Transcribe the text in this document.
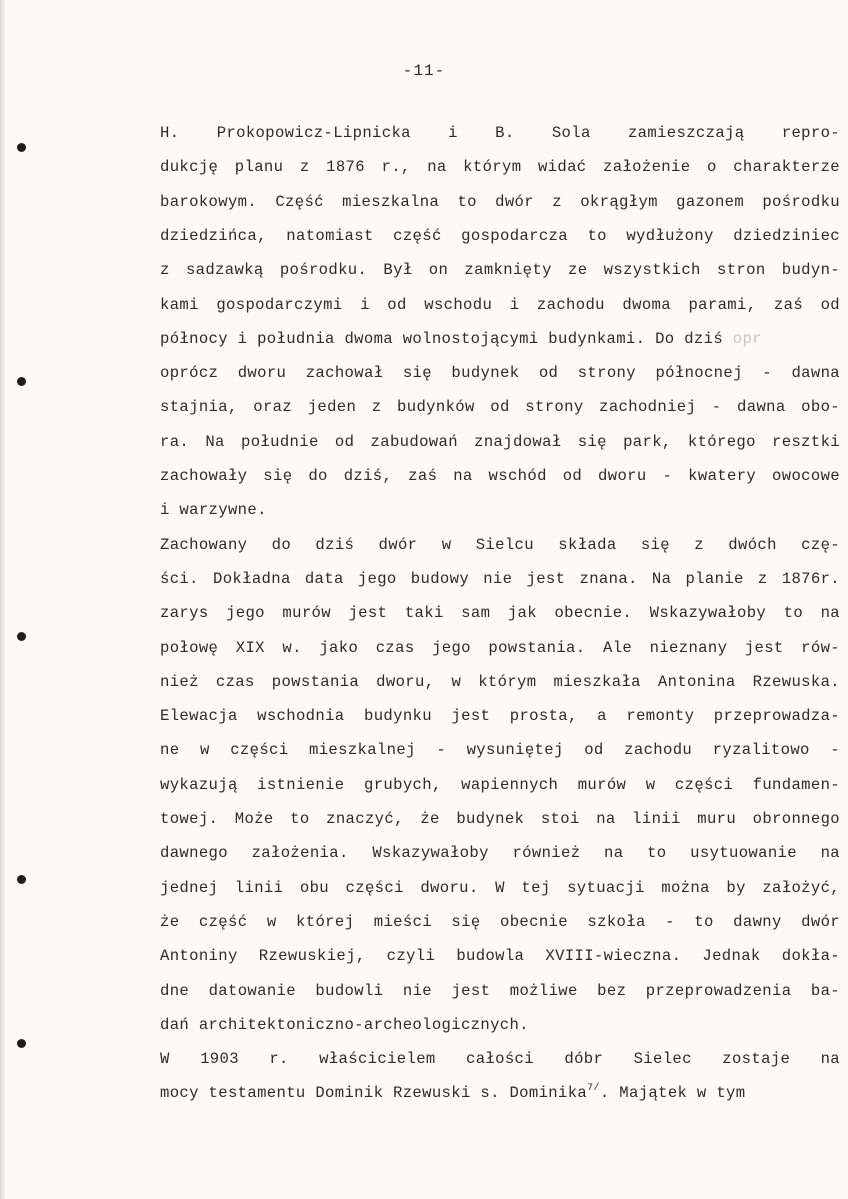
-11-
H. Prokopowicz-Lipnicka i B. Sola zamieszczają repro-
dukcję planu z 1876 r., na którym widać założenie o charakterze
barokowym. Część mieszkalna to dwór z okrągłym gazonem pośrodku
dziedzińca, natomiast część gospodarcza to wydłużony dziedziniec
z sadzawką pośrodku. Był on zamknięty ze wszystkich stron budyn-
kami gospodarczymi i od wschodu i zachodu dwoma parami, zaś od
północy i południa dwoma wolnostojącymi budynkami. Do dziś opr
oprócz dworu zachował się budynek od strony północnej - dawna
stajnia, oraz jeden z budynków od strony zachodniej - dawna obo-
ra. Na południe od zabudowań znajdował się park, którego resztki
zachowały się do dziś, zaś na wschód od dworu - kwatery owocowe
i warzywne.
Zachowany do dziś dwór w Sielcu składa się z dwóch czę-
ści. Dokładna data jego budowy nie jest znana. Na planie z 1876r.
zarys jego murów jest taki sam jak obecnie. Wskazywałoby to na
połowę XIX w. jako czas jego powstania. Ale nieznany jest rów-
nież czas powstania dworu, w którym mieszkała Antonina Rzewuska.
Elewacja wschodnia budynku jest prosta, a remonty przeprowadza-
ne w części mieszkalnej - wysuniętej od zachodu ryzalitowo -
wykazują istnienie grubych, wapiennych murów w części fundamen-
towej. Może to znaczyć, że budynek stoi na linii muru obronnego
dawnego założenia. Wskazywałoby również na to usytuowanie na
jednej linii obu części dworu. W tej sytuacji można by założyć,
że część w której mieści się obecnie szkoła - to dawny dwór
Antoniny Rzewuskiej, czyli budowla XVIII-wieczna. Jednak dokła-
dne datowanie budowli nie jest możliwe bez przeprowadzenia ba-
dań architektoniczno-archeologicznych.
W 1903 r. właścicielem całości dóbr Sielec zostaje na
mocy testamentu Dominik Rzewuski s. Dominika$^{7/}$. Majątek w tym
